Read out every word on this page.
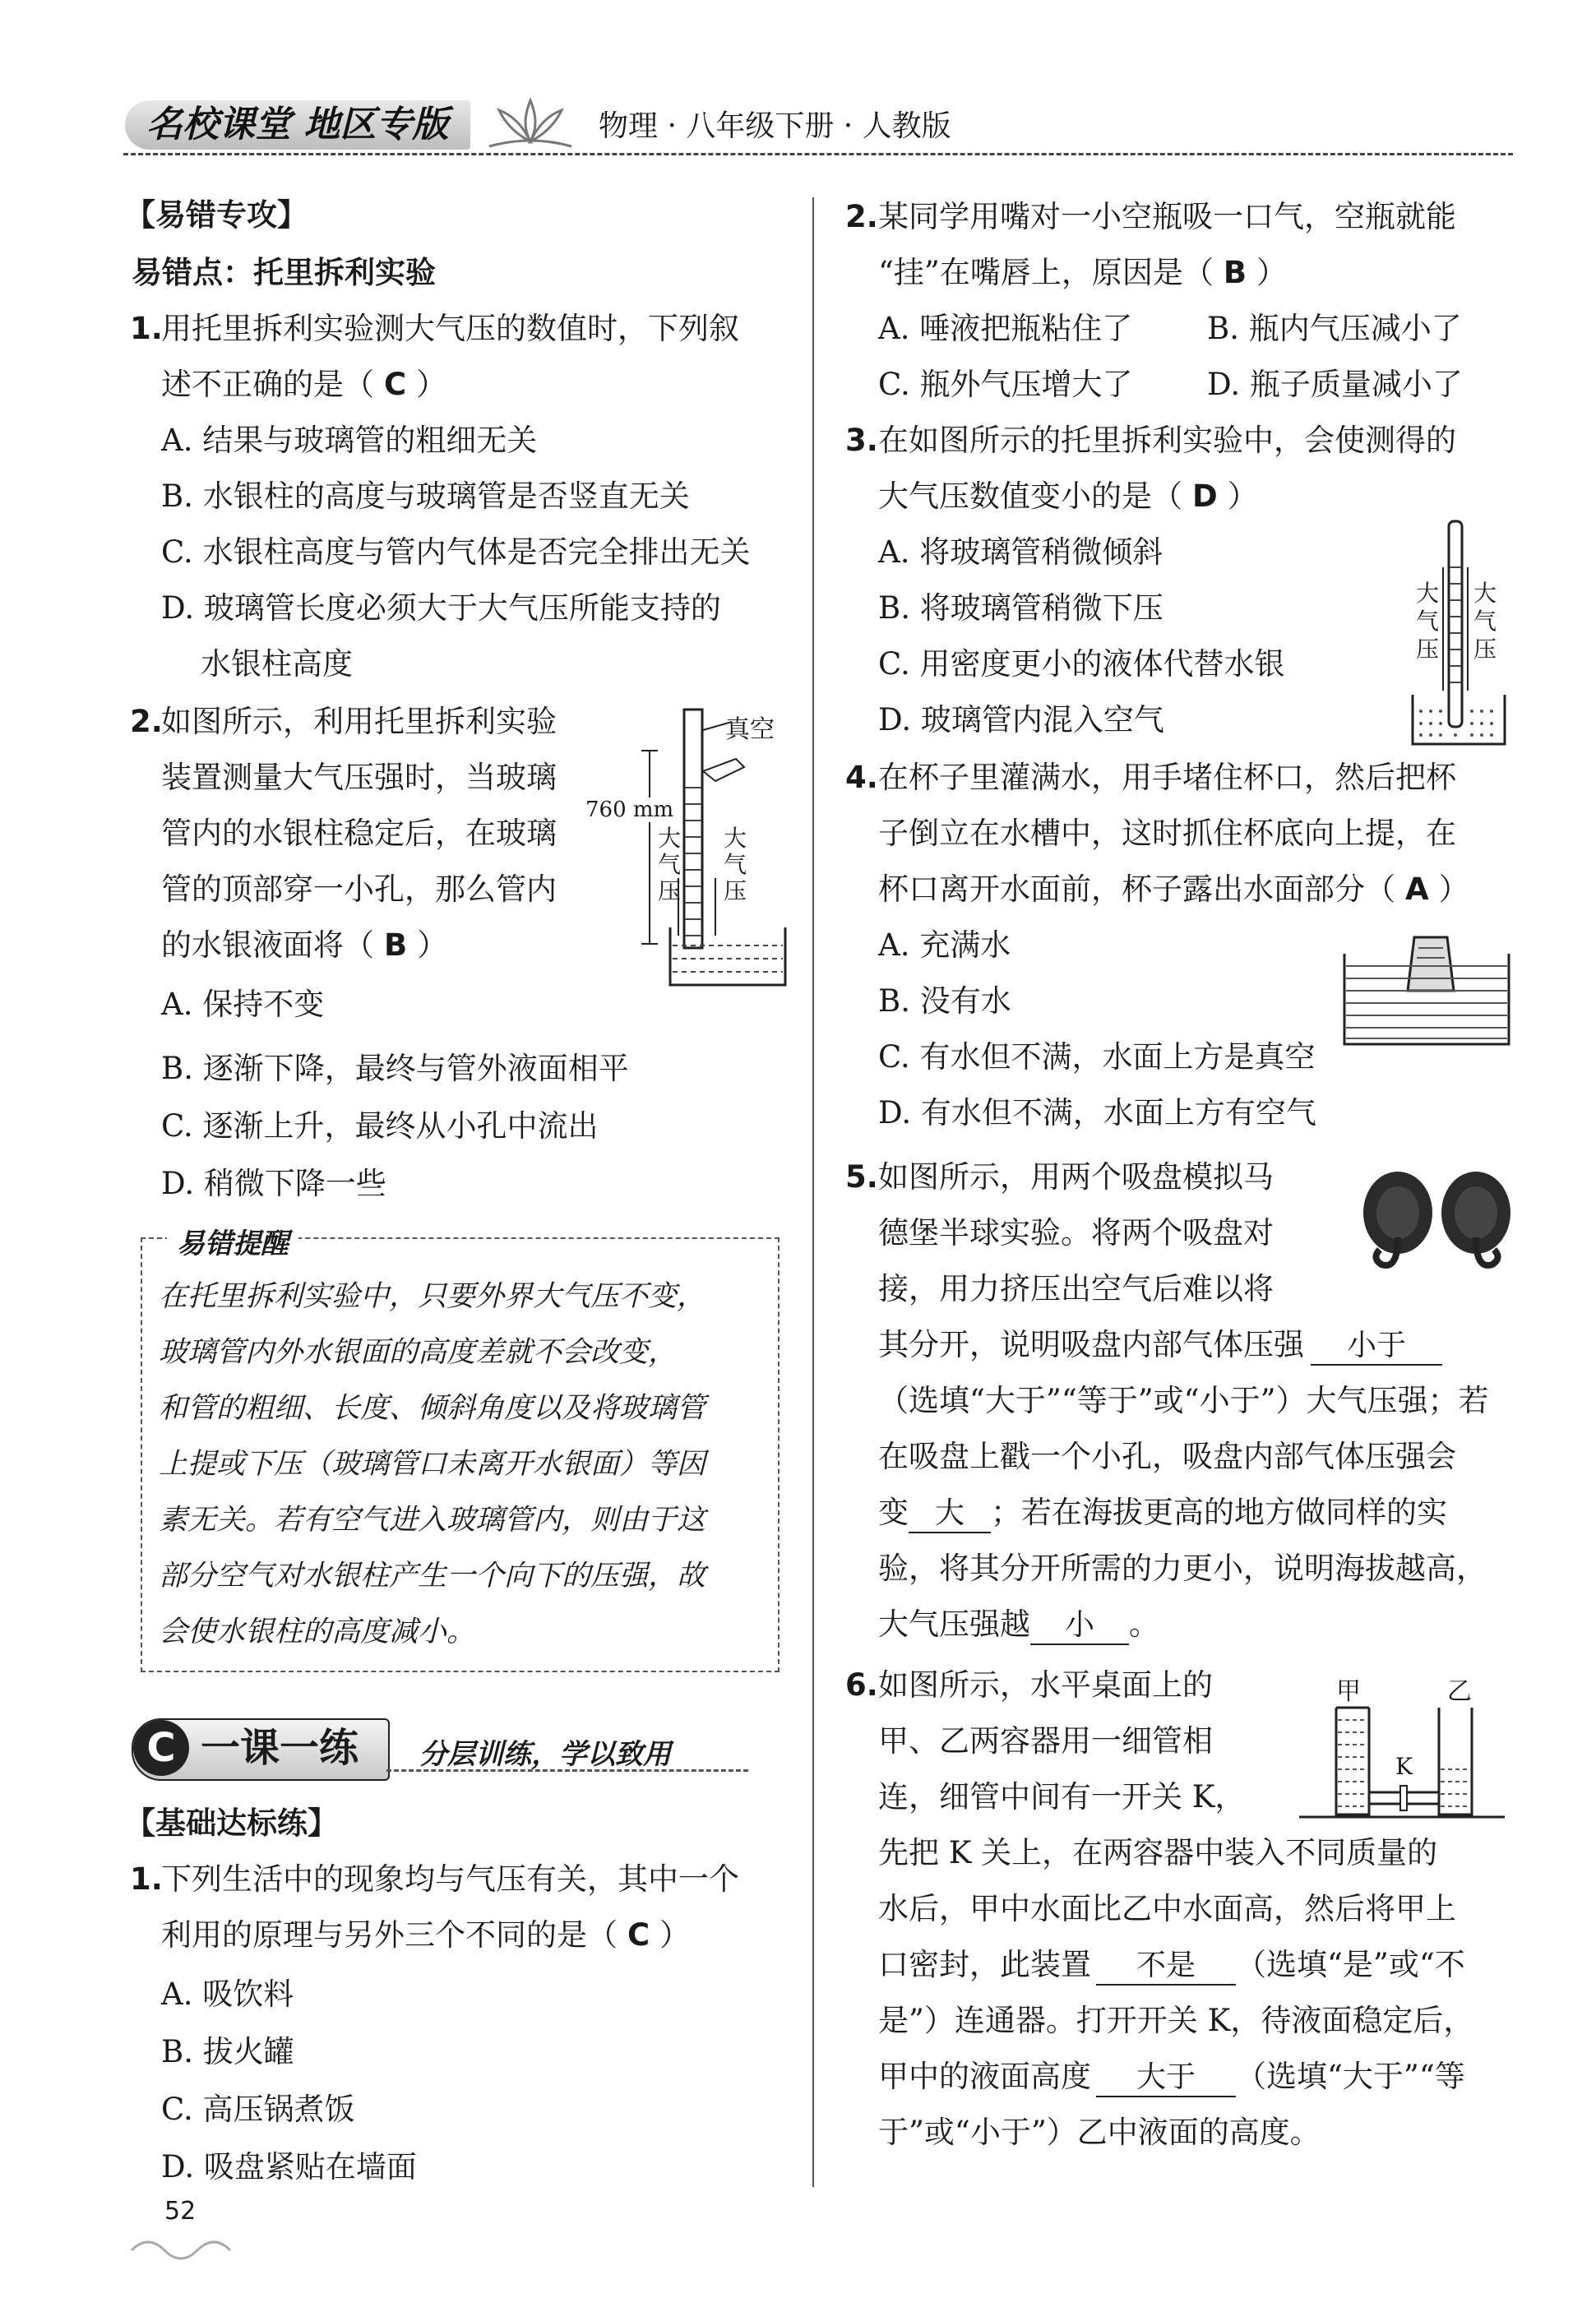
名校课堂 地区专版	物理 · 八年级下册 · 人教版
【易错专攻】
易错点：托里拆利实验
1.
用托里拆利实验测大气压的数值时，下列叙
述不正确的是（ C ）
A. 结果与玻璃管的粗细无关
B. 水银柱的高度与玻璃管是否竖直无关
C. 水银柱高度与管内气体是否完全排出无关
D. 玻璃管长度必须大于大气压所能支持的
水银柱高度
2.
如图所示，利用托里拆利实验
装置测量大气压强时，当玻璃
管内的水银柱稳定后，在玻璃
管的顶部穿一小孔，那么管内
的水银液面将（ B ）
A. 保持不变
B. 逐渐下降，最终与管外液面相平
C. 逐渐上升，最终从小孔中流出
D. 稍微下降一些
真空
760 mm
大
气
压
大
气
压
易错提醒
在托里拆利实验中，只要外界大气压不变，
玻璃管内外水银面的高度差就不会改变，
和管的粗细、长度、倾斜角度以及将玻璃管
上提或下压（玻璃管口未离开水银面）等因
素无关。若有空气进入玻璃管内，则由于这
部分空气对水银柱产生一个向下的压强，故
会使水银柱的高度减小。
C 一课一练 分层训练，学以致用
【基础达标练】
1.
下列生活中的现象均与气压有关，其中一个
利用的原理与另外三个不同的是（ C ）
A. 吸饮料
B. 拔火罐
C. 高压锅煮饭
D. 吸盘紧贴在墙面
52
2. 某同学用嘴对一小空瓶吸一口气，空瓶就能
“挂”在嘴唇上，原因是（ B ）
A. 唾液把瓶粘住了 B. 瓶内气压减小了
C. 瓶外气压增大了 D. 瓶子质量减小了
3. 在如图所示的托里拆利实验中，会使测得的
大气压数值变小的是（ D ）
A. 将玻璃管稍微倾斜
B. 将玻璃管稍微下压
C. 用密度更小的液体代替水银
D. 玻璃管内混入空气
大
气
压
大
气
压
4. 在杯子里灌满水，用手堵住杯口，然后把杯
子倒立在水槽中，这时抓住杯底向上提，在
杯口离开水面前，杯子露出水面部分（ A ）
A. 充满水
B. 没有水
C. 有水但不满，水面上方是真空
D. 有水但不满，水面上方有空气
5. 如图所示，用两个吸盘模拟马
德堡半球实验。将两个吸盘对
接，用力挤压出空气后难以将
其分开，说明吸盘内部气体压强 小于
（选填“大于”“等于”或“小于”）大气压强；若
在吸盘上戳一个小孔，吸盘内部气体压强会
变 大 ；若在海拔更高的地方做同样的实
验，将其分开所需的力更小，说明海拔越高，
大气压强越 小 。
6. 如图所示，水平桌面上的
甲、乙两容器用一细管相
连，细管中间有一开关 K，
先把 K 关上，在两容器中装入不同质量的
水后，甲中水面比乙中水面高，然后将甲上
口密封，此装置 不是 （选填“是”或“不
是”）连通器。打开开关 K，待液面稳定后，
甲中的液面高度 大于 （选填“大于”“等
于”或“小于”）乙中液面的高度。
甲	乙
K
